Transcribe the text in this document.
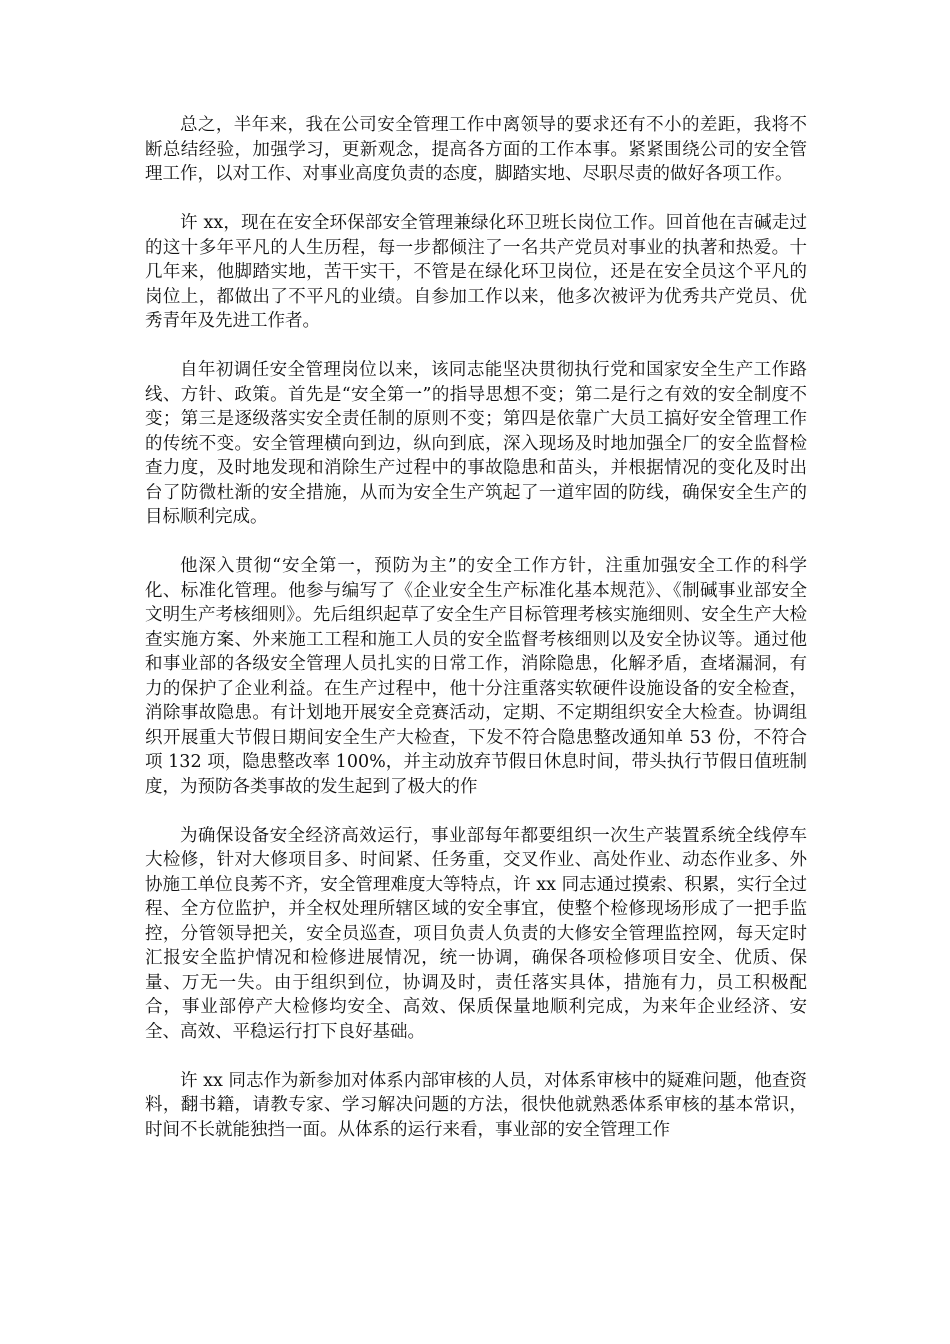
总之，半年来，我在公司安全管理工作中离领导的要求还有不小的差距，我将不断总结经验，加强学习，更新观念，提高各方面的工作本事。紧紧围绕公司的安全管理工作，以对工作、对事业高度负责的态度，脚踏实地、尽职尽责的做好各项工作。

许 xx，现在在安全环保部安全管理兼绿化环卫班长岗位工作。回首他在吉碱走过的这十多年平凡的人生历程，每一步都倾注了一名共产党员对事业的执著和热爱。十几年来，他脚踏实地，苦干实干，不管是在绿化环卫岗位，还是在安全员这个平凡的岗位上，都做出了不平凡的业绩。自参加工作以来，他多次被评为优秀共产党员、优秀青年及先进工作者。

自年初调任安全管理岗位以来，该同志能坚决贯彻执行党和国家安全生产工作路线、方针、政策。首先是“安全第一”的指导思想不变；第二是行之有效的安全制度不变；第三是逐级落实安全责任制的原则不变；第四是依靠广大员工搞好安全管理工作的传统不变。安全管理横向到边，纵向到底，深入现场及时地加强全厂的安全监督检查力度，及时地发现和消除生产过程中的事故隐患和苗头，并根据情况的变化及时出台了防微杜渐的安全措施，从而为安全生产筑起了一道牢固的防线，确保安全生产的目标顺利完成。

他深入贯彻“安全第一，预防为主”的安全工作方针，注重加强安全工作的科学化、标准化管理。他参与编写了《企业安全生产标准化基本规范》、《制碱事业部安全文明生产考核细则》。先后组织起草了安全生产目标管理考核实施细则、安全生产大检查实施方案、外来施工工程和施工人员的安全监督考核细则以及安全协议等。通过他和事业部的各级安全管理人员扎实的日常工作，消除隐患，化解矛盾，查堵漏洞，有力的保护了企业利益。在生产过程中，他十分注重落实软硬件设施设备的安全检查，消除事故隐患。有计划地开展安全竞赛活动，定期、不定期组织安全大检查。协调组织开展重大节假日期间安全生产大检查，下发不符合隐患整改通知单 53 份，不符合项 132 项，隐患整改率 100%，并主动放弃节假日休息时间，带头执行节假日值班制度，为预防各类事故的发生起到了极大的作

为确保设备安全经济高效运行，事业部每年都要组织一次生产装置系统全线停车大检修，针对大修项目多、时间紧、任务重，交叉作业、高处作业、动态作业多、外协施工单位良莠不齐，安全管理难度大等特点，许 xx 同志通过摸索、积累，实行全过程、全方位监护，并全权处理所辖区域的安全事宜，使整个检修现场形成了一把手监控，分管领导把关，安全员巡查，项目负责人负责的大修安全管理监控网，每天定时汇报安全监护情况和检修进展情况，统一协调，确保各项检修项目安全、优质、保量、万无一失。由于组织到位，协调及时，责任落实具体，措施有力，员工积极配合，事业部停产大检修均安全、高效、保质保量地顺利完成，为来年企业经济、安全、高效、平稳运行打下良好基础。

许 xx 同志作为新参加对体系内部审核的人员，对体系审核中的疑难问题，他查资料，翻书籍，请教专家、学习解决问题的方法，很快他就熟悉体系审核的基本常识，时间不长就能独挡一面。从体系的运行来看，事业部的安全管理工作
